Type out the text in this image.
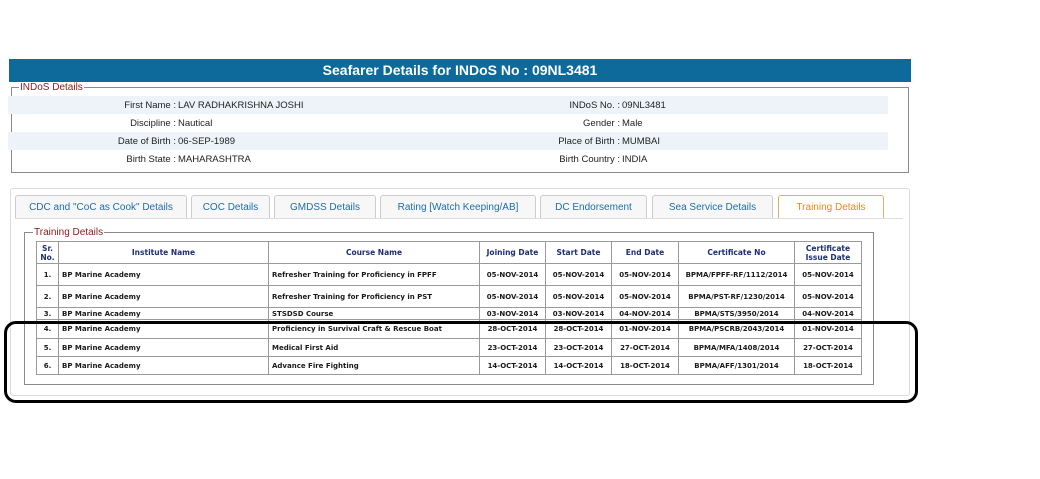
Seafarer Details for INDoS No : 09NL3481
INDoS Details
First Name : LAV RADHAKRISHNA JOSHI	INDoS No. : 09NL3481
Discipline : Nautical	Gender : Male
Date of Birth : 06-SEP-1989	Place of Birth : MUMBAI
Birth State : MAHARASHTRA	Birth Country : INDIA
CDC and "CoC as Cook" Details	COC Details	GMDSS Details	Rating [Watch Keeping/AB]	DC Endorsement	Sea Service Details	Training Details
Training Details
Sr. No.	Institute Name	Course Name	Joining Date	Start Date	End Date	Certificate No	Certificate Issue Date
1.	BP Marine Academy	Refresher Training for Proficiency in FPFF	05-NOV-2014	05-NOV-2014	05-NOV-2014	BPMA/FPFF-RF/1112/2014	05-NOV-2014
2.	BP Marine Academy	Refresher Training for Proficiency in PST	05-NOV-2014	05-NOV-2014	05-NOV-2014	BPMA/PST-RF/1230/2014	05-NOV-2014
3.	BP Marine Academy	STSDSD Course	03-NOV-2014	03-NOV-2014	04-NOV-2014	BPMA/STS/3950/2014	04-NOV-2014
4.	BP Marine Academy	Proficiency in Survival Craft & Rescue Boat	28-OCT-2014	28-OCT-2014	01-NOV-2014	BPMA/PSCRB/2043/2014	01-NOV-2014
5.	BP Marine Academy	Medical First Aid	23-OCT-2014	23-OCT-2014	27-OCT-2014	BPMA/MFA/1408/2014	27-OCT-2014
6.	BP Marine Academy	Advance Fire Fighting	14-OCT-2014	14-OCT-2014	18-OCT-2014	BPMA/AFF/1301/2014	18-OCT-2014
